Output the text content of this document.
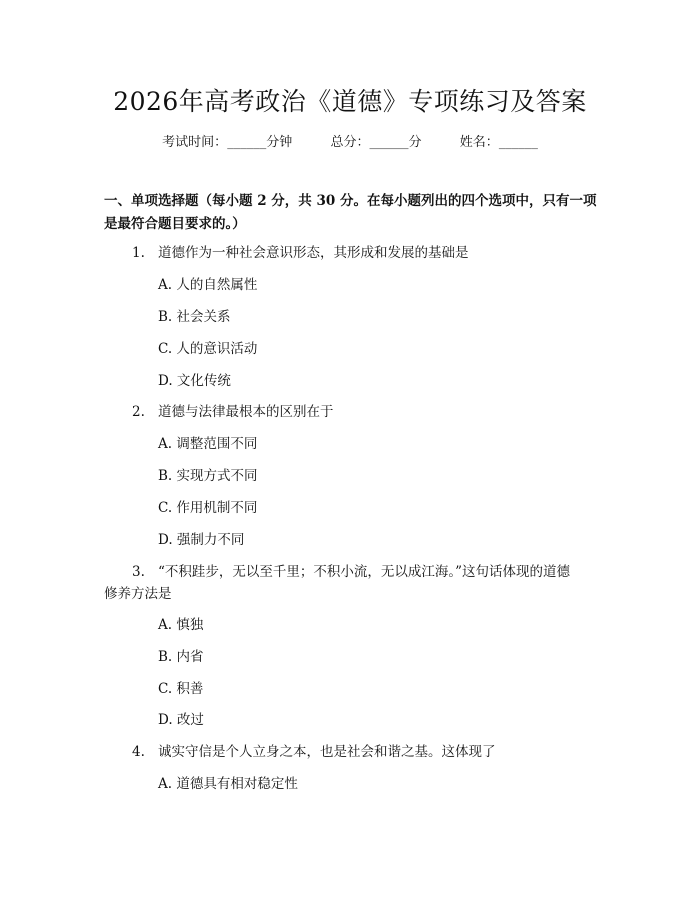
2026年高考政治《道德》专项练习及答案
考试时间：______分钟	总分：______分	姓名：______
一、单项选择题（每小题 2 分，共 30 分。在每小题列出的四个选项中，只有一项是最符合题目要求的。）
1. 道德作为一种社会意识形态，其形成和发展的基础是
A. 人的自然属性
B. 社会关系
C. 人的意识活动
D. 文化传统
2. 道德与法律最根本的区别在于
A. 调整范围不同
B. 实现方式不同
C. 作用机制不同
D. 强制力不同
3. “不积跬步，无以至千里；不积小流，无以成江海。”这句话体现的道德
修养方法是
A. 慎独
B. 内省
C. 积善
D. 改过
4. 诚实守信是个人立身之本，也是社会和谐之基。这体现了
A. 道德具有相对稳定性
